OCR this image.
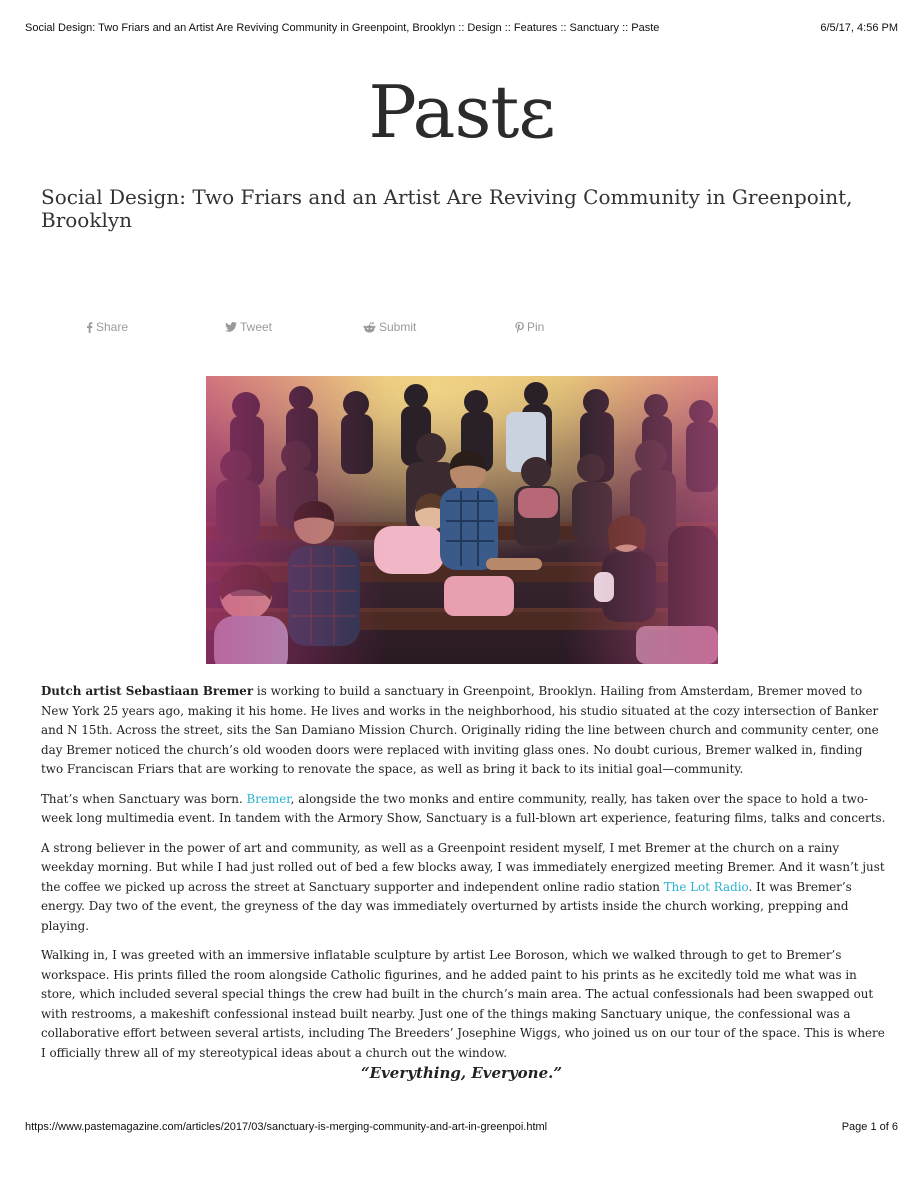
Social Design: Two Friars and an Artist Are Reviving Community in Greenpoint, Brooklyn :: Design :: Features :: Sanctuary :: Paste	6/5/17, 4:56 PM
Pastɛ
Social Design: Two Friars and an Artist Are Reviving Community in Greenpoint, Brooklyn
Share	Tweet	Submit	Pin

Dutch artist Sebastiaan Bremer is working to build a sanctuary in Greenpoint, Brooklyn. Hailing from Amsterdam, Bremer moved to New York 25 years ago, making it his home. He lives and works in the neighborhood, his studio situated at the cozy intersection of Banker and N 15th. Across the street, sits the San Damiano Mission Church. Originally riding the line between church and community center, one day Bremer noticed the church’s old wooden doors were replaced with inviting glass ones. No doubt curious, Bremer walked in, finding two Franciscan Friars that are working to renovate the space, as well as bring it back to its initial goal—community.

That’s when Sanctuary was born. Bremer, alongside the two monks and entire community, really, has taken over the space to hold a two-week long multimedia event. In tandem with the Armory Show, Sanctuary is a full-blown art experience, featuring films, talks and concerts.

A strong believer in the power of art and community, as well as a Greenpoint resident myself, I met Bremer at the church on a rainy weekday morning. But while I had just rolled out of bed a few blocks away, I was immediately energized meeting Bremer. And it wasn’t just the coffee we picked up across the street at Sanctuary supporter and independent online radio station The Lot Radio. It was Bremer’s energy. Day two of the event, the greyness of the day was immediately overturned by artists inside the church working, prepping and playing.

Walking in, I was greeted with an immersive inflatable sculpture by artist Lee Boroson, which we walked through to get to Bremer’s workspace. His prints filled the room alongside Catholic figurines, and he added paint to his prints as he excitedly told me what was in store, which included several special things the crew had built in the church’s main area. The actual confessionals had been swapped out with restrooms, a makeshift confessional instead built nearby. Just one of the things making Sanctuary unique, the confessional was a collaborative effort between several artists, including The Breeders’ Josephine Wiggs, who joined us on our tour of the space. This is where I officially threw all of my stereotypical ideas about a church out the window.

“Everything, Everyone.”
https://www.pastemagazine.com/articles/2017/03/sanctuary-is-merging-community-and-art-in-greenpoi.html	Page 1 of 6
